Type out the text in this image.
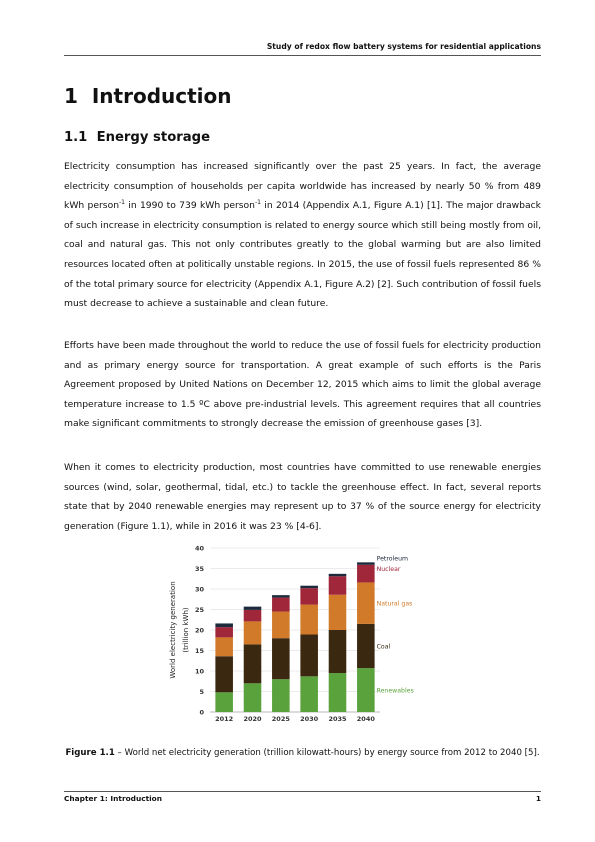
Study of redox flow battery systems for residential applications
1 Introduction
1.1 Energy storage
Electricity consumption has increased significantly over the past 25 years. In fact, the average electricity consumption of households per capita worldwide has increased by nearly 50 % from 489 kWh person$^{-1}$ in 1990 to 739 kWh person$^{-1}$ in 2014 (Appendix A.1, Figure A.1) [1]. The major drawback of such increase in electricity consumption is related to energy source which still being mostly from oil, coal and natural gas. This not only contributes greatly to the global warming but are also limited resources located often at politically unstable regions. In 2015, the use of fossil fuels represented 86 % of the total primary source for electricity (Appendix A.1, Figure A.2) [2]. Such contribution of fossil fuels must decrease to achieve a sustainable and clean future.
Efforts have been made throughout the world to reduce the use of fossil fuels for electricity production and as primary energy source for transportation. A great example of such efforts is the Paris Agreement proposed by United Nations on December 12, 2015 which aims to limit the global average temperature increase to 1.5 ºC above pre-industrial levels. This agreement requires that all countries make significant commitments to strongly decrease the emission of greenhouse gases [3].
When it comes to electricity production, most countries have committed to use renewable energies sources (wind, solar, geothermal, tidal, etc.) to tackle the greenhouse effect. In fact, several reports state that by 2040 renewable energies may represent up to 37 % of the source energy for electricity generation (Figure 1.1), while in 2016 it was 23 % [4-6].
0
5
10
15
20
25
30
35
40
World electricity generation (trillion kWh)
2012 2020 2025 2030 2035 2040
Renewables
Coal
Natural gas
Nuclear
Petroleum
Figure 1.1 – World net electricity generation (trillion kilowatt-hours) by energy source from 2012 to 2040 [5].
Chapter 1: Introduction	1
